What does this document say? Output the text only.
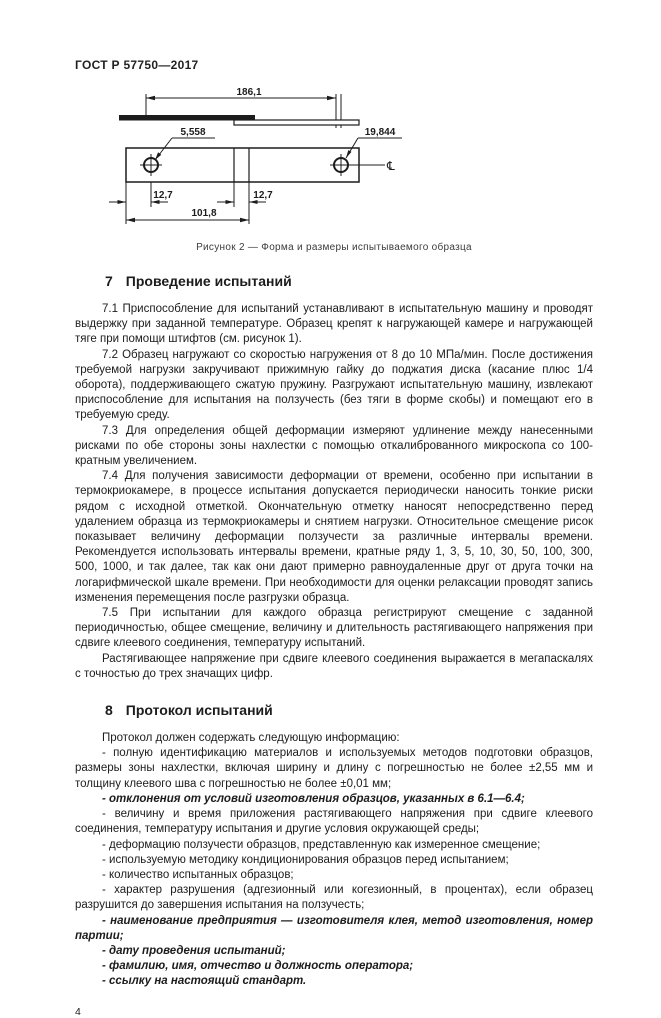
ГОСТ Р 57750—2017
186,1
5,558	19,844
℄
12,7	12,7
101,8

Рисунок 2 — Форма и размеры испытываемого образца

7 Проведение испытаний

7.1 Приспособление для испытаний устанавливают в испытательную машину и проводят выдержку при заданной температуре. Образец крепят к нагружающей камере и нагружающей тяге при помощи штифтов (см. рисунок 1).

7.2 Образец нагружают со скоростью нагружения от 8 до 10 МПа/мин. После достижения требуемой нагрузки закручивают прижимную гайку до поджатия диска (касание плюс 1/4 оборота), поддерживающего сжатую пружину. Разгружают испытательную машину, извлекают приспособление для испытания на ползучесть (без тяги в форме скобы) и помещают его в требуемую среду.

7.3 Для определения общей деформации измеряют удлинение между нанесенными рисками по обе стороны зоны нахлестки с помощью откалиброванного микроскопа со 100-кратным увеличением.

7.4 Для получения зависимости деформации от времени, особенно при испытании в термокриокамере, в процессе испытания допускается периодически наносить тонкие риски рядом с исходной отметкой. Окончательную отметку наносят непосредственно перед удалением образца из термокриокамеры и снятием нагрузки. Относительное смещение рисок показывает величину деформации ползучести за различные интервалы времени. Рекомендуется использовать интервалы времени, кратные ряду 1, 3, 5, 10, 30, 50, 100, 300, 500, 1000, и так далее, так как они дают примерно равноудаленные друг от друга точки на логарифмической шкале времени. При необходимости для оценки релаксации проводят запись изменения перемещения после разгрузки образца.

7.5 При испытании для каждого образца регистрируют смещение с заданной периодичностью, общее смещение, величину и длительность растягивающего напряжения при сдвиге клеевого соединения, температуру испытаний.

Растягивающее напряжение при сдвиге клеевого соединения выражается в мегапаскалях с точностью до трех значащих цифр.

8 Протокол испытаний

Протокол должен содержать следующую информацию:

- полную идентификацию материалов и используемых методов подготовки образцов, размеры зоны нахлестки, включая ширину и длину с погрешностью не более ±2,55 мм и толщину клеевого шва с погрешностью не более ±0,01 мм;

- отклонения от условий изготовления образцов, указанных в 6.1—6.4;

- величину и время приложения растягивающего напряжения при сдвиге клеевого соединения, температуру испытания и другие условия окружающей среды;

- деформацию ползучести образцов, представленную как измеренное смещение;

- используемую методику кондиционирования образцов перед испытанием;

- количество испытанных образцов;

- характер разрушения (адгезионный или когезионный, в процентах), если образец разрушится до завершения испытания на ползучесть;

- наименование предприятия — изготовителя клея, метод изготовления, номер партии;

- дату проведения испытаний;

- фамилию, имя, отчество и должность оператора;

- ссылку на настоящий стандарт.

4
